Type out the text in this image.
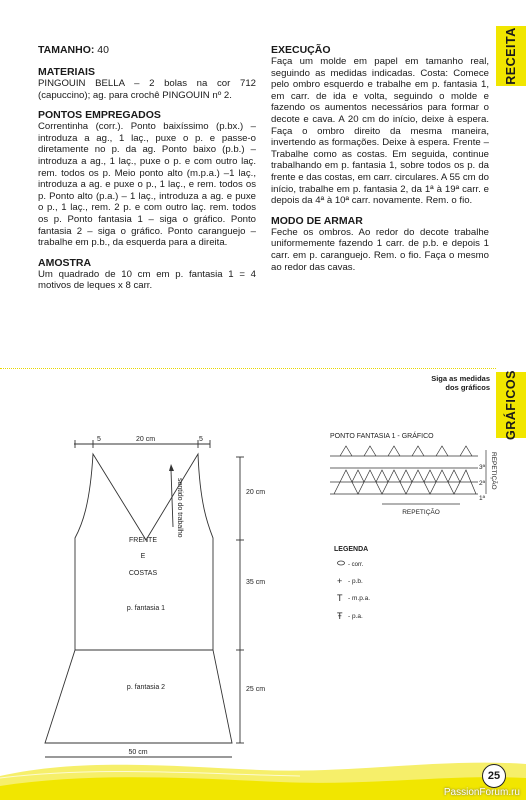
RECEITA
GRÁFICOS
TAMANHO: 40
MATERIAIS

PINGOUIN BELLA – 2 bolas na cor 712 (capuccino); ag. para crochê PINGOUIN nº 2.

PONTOS EMPREGADOS

Correntinha (corr.). Ponto baixíssimo (p.bx.) – introduza a ag., 1 laç., puxe o p. e passe-o diretamente no p. da ag. Ponto baixo (p.b.) – introduza a ag., 1 laç., puxe o p. e com outro laç. rem. todos os p. Meio ponto alto (m.p.a.) –1 laç., introduza a ag. e puxe o p., 1 laç., e rem. todos os p. Ponto alto (p.a.) – 1 laç., introduza a ag. e puxe o p., 1 laç., rem. 2 p. e com outro laç. rem. todos os p. Ponto fantasia 1 – siga o gráfico. Ponto fantasia 2 – siga o gráfico. Ponto caranguejo – trabalhe em p.b., da esquerda para a direita.

AMOSTRA

Um quadrado de 10 cm em p. fantasia 1 = 4 motivos de leques x 8 carr.

EXECUÇÃO

Faça um molde em papel em tamanho real, seguindo as medidas indicadas. Costa: Comece pelo ombro esquerdo e trabalhe em p. fantasia 1, em carr. de ida e volta, seguindo o molde e fazendo os aumentos necessários para formar o decote e cava. A 20 cm do início, deixe à espera. Faça o ombro direito da mesma maneira, invertendo as formações. Deixe à espera. Frente – Trabalhe como as costas. Em seguida, continue trabalhando em p. fantasia 1, sobre todos os p. da frente e das costas, em carr. circulares. A 55 cm do início, trabalhe em p. fantasia 2, da 1ª à 19ª carr. e depois da 4ª à 10ª carr. novamente. Rem. o fio.

MODO DE ARMAR

Feche os ombros. Ao redor do decote trabalhe uniformemente fazendo 1 carr. de p.b. e depois 1 carr. em p. caranguejo. Rem. o fio. Faça o mesmo ao redor das cavas.

Siga as medidas
dos gráficos
5	20 cm	5
sentido do trabalho
FRENTE
E
COSTAS
p. fantasia 1
p. fantasia 2
20 cm
35 cm
25 cm
50 cm
PONTO FANTASIA 1 - GRÁFICO
REPETIÇÃO
REPETIÇÃO
3ª
2ª
1ª
LEGENDA
- corr.
+ - p.b.
T - m.p.a.
Ŧ - p.a.
25
PassionForum.ru
